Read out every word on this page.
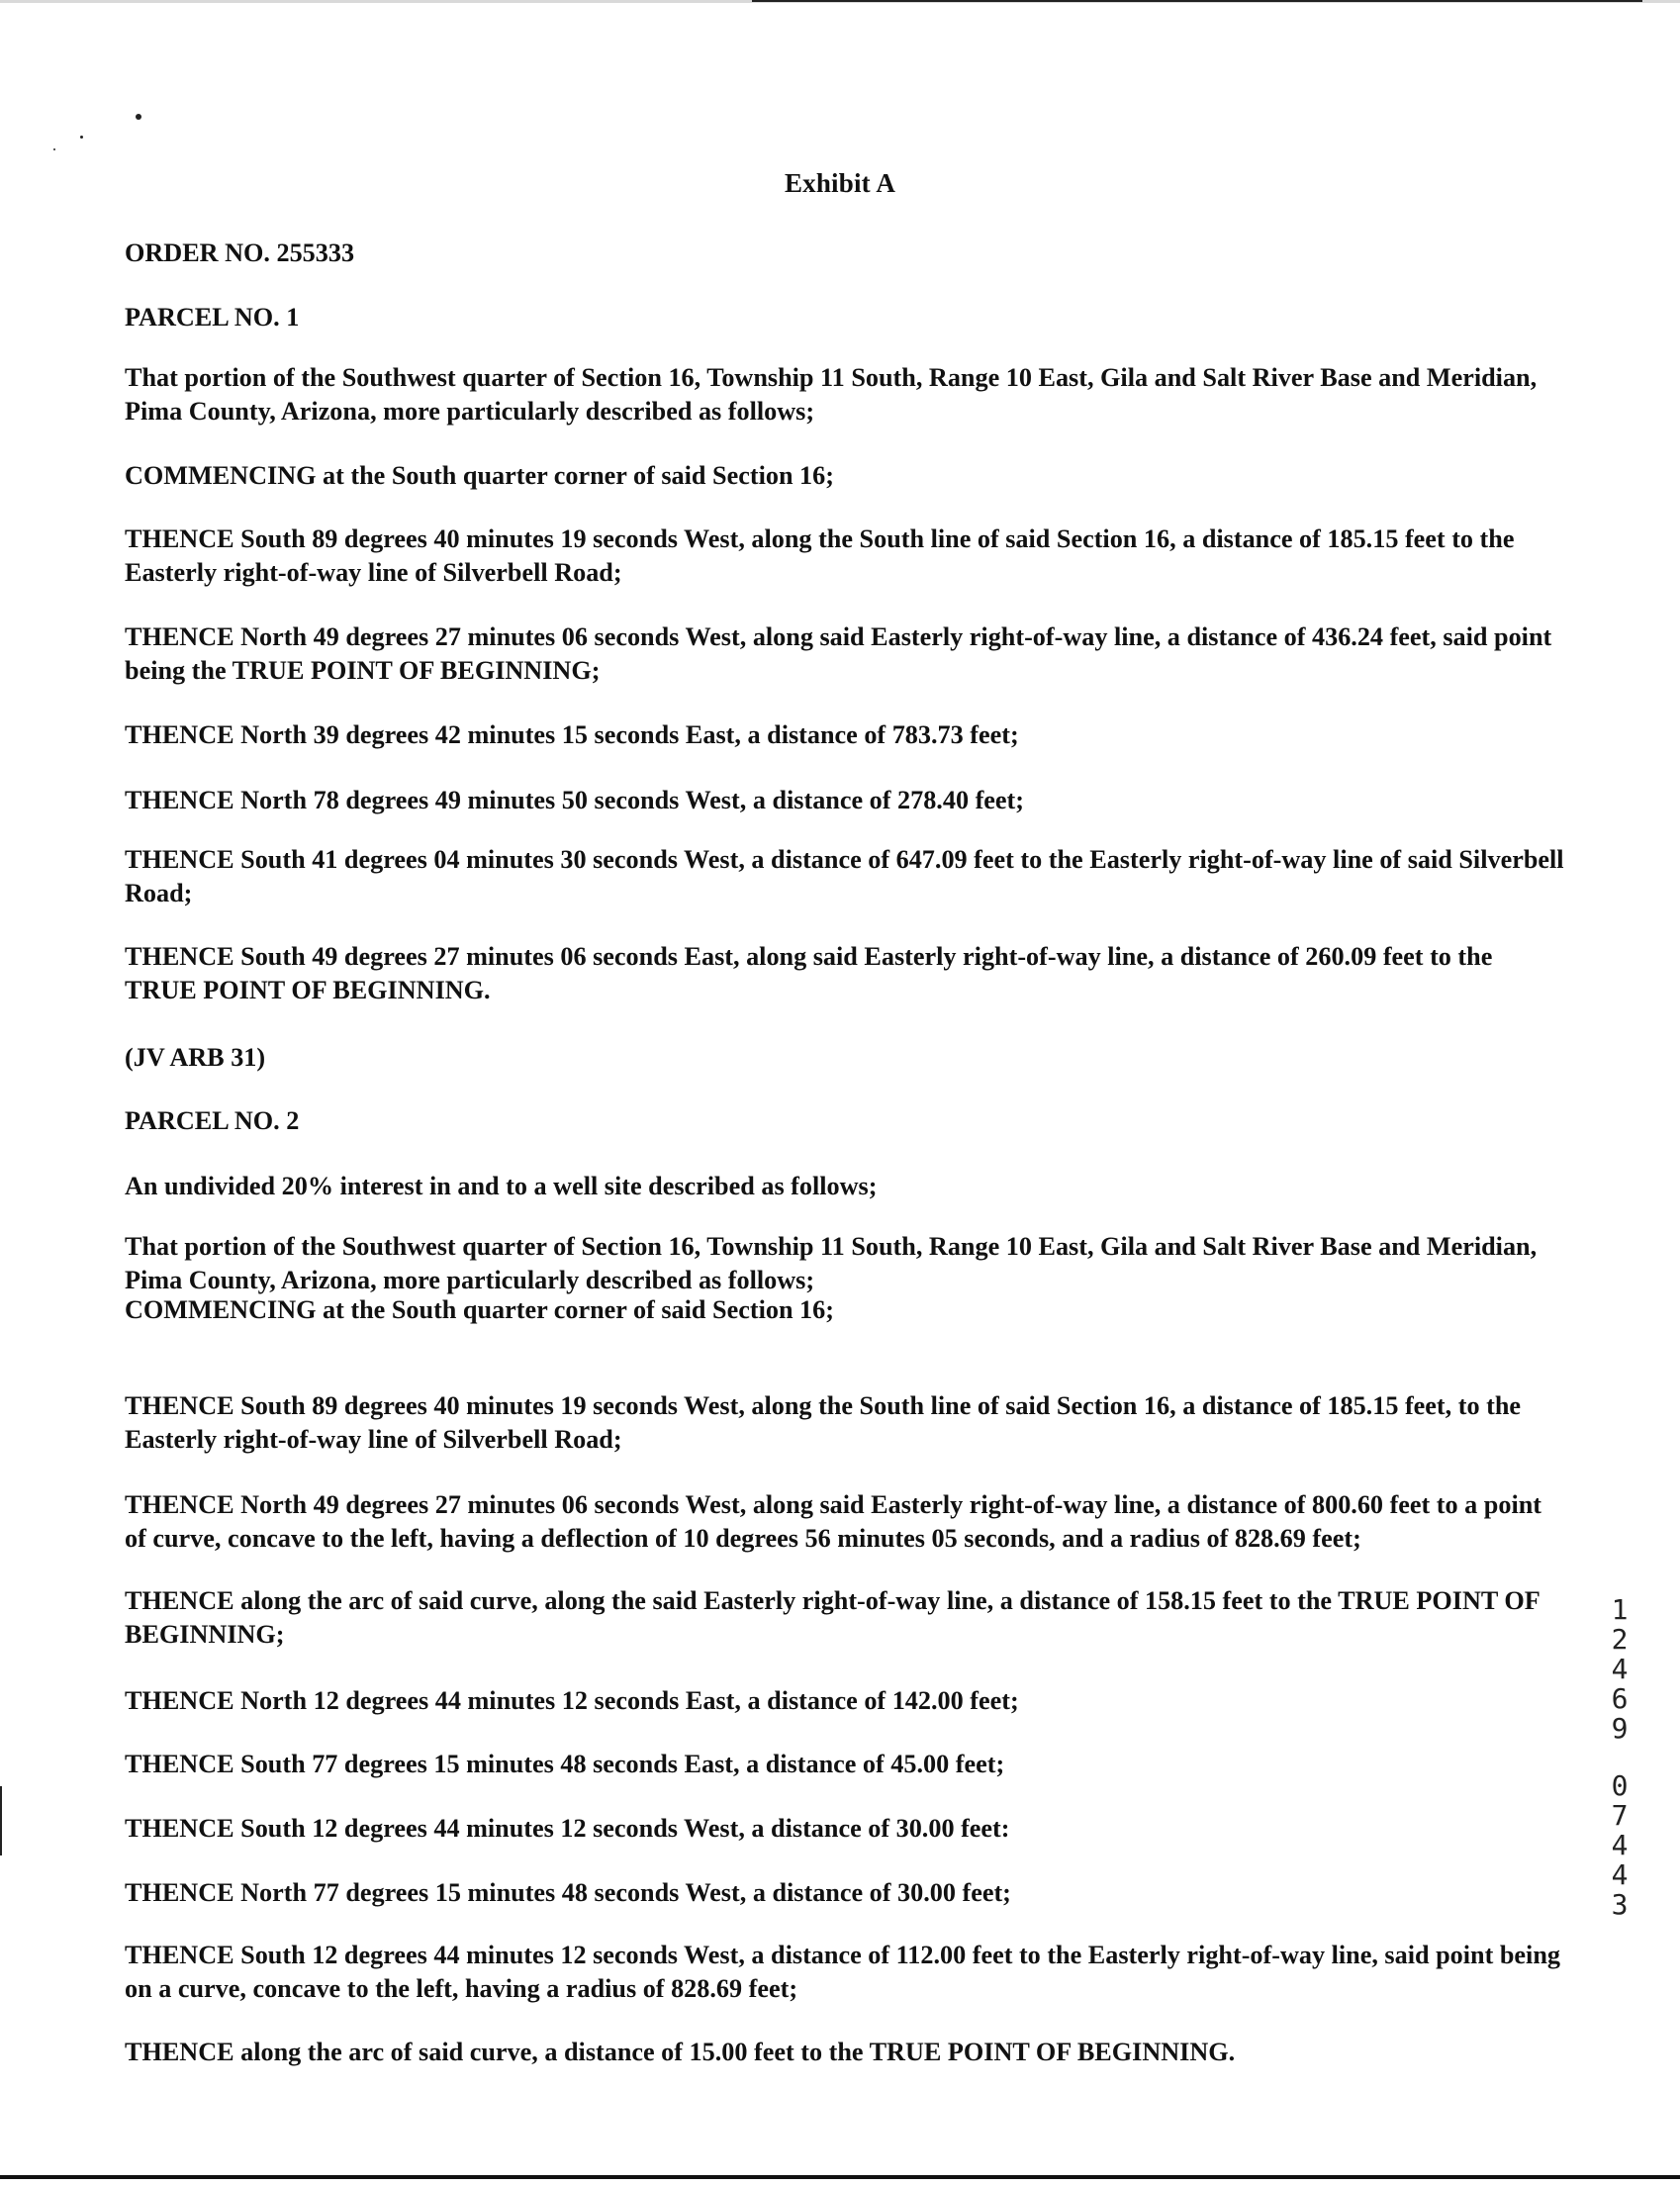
Exhibit A

ORDER NO. 255333

PARCEL NO. 1

That portion of the Southwest quarter of Section 16, Township 11 South, Range 10 East, Gila and Salt River Base and Meridian, Pima County, Arizona, more particularly described as follows;

COMMENCING at the South quarter corner of said Section 16;

THENCE South 89 degrees 40 minutes 19 seconds West, along the South line of said Section 16, a distance of 185.15 feet to the Easterly right-of-way line of Silverbell Road;

THENCE North 49 degrees 27 minutes 06 seconds West, along said Easterly right-of-way line, a distance of 436.24 feet, said point being the TRUE POINT OF BEGINNING;

THENCE North 39 degrees 42 minutes 15 seconds East, a distance of 783.73 feet;

THENCE North 78 degrees 49 minutes 50 seconds West, a distance of 278.40 feet;

THENCE South 41 degrees 04 minutes 30 seconds West, a distance of 647.09 feet to the Easterly right-of-way line of said Silverbell Road;

THENCE South 49 degrees 27 minutes 06 seconds East, along said Easterly right-of-way line, a distance of 260.09 feet to the TRUE POINT OF BEGINNING.

(JV ARB 31)

PARCEL NO. 2

An undivided 20% interest in and to a well site described as follows;

That portion of the Southwest quarter of Section 16, Township 11 South, Range 10 East, Gila and Salt River Base and Meridian, Pima County, Arizona, more particularly described as follows;

COMMENCING at the South quarter corner of said Section 16;

THENCE South 89 degrees 40 minutes 19 seconds West, along the South line of said Section 16, a distance of 185.15 feet, to the Easterly right-of-way line of Silverbell Road;

THENCE North 49 degrees 27 minutes 06 seconds West, along said Easterly right-of-way line, a distance of 800.60 feet to a point of curve, concave to the left, having a deflection of 10 degrees 56 minutes 05 seconds, and a radius of 828.69 feet;

THENCE along the arc of said curve, along the said Easterly right-of-way line, a distance of 158.15 feet to the TRUE POINT OF BEGINNING;

THENCE North 12 degrees 44 minutes 12 seconds East, a distance of 142.00 feet;

THENCE South 77 degrees 15 minutes 48 seconds East, a distance of 45.00 feet;

THENCE South 12 degrees 44 minutes 12 seconds West, a distance of 30.00 feet:

THENCE North 77 degrees 15 minutes 48 seconds West, a distance of 30.00 feet;

THENCE South 12 degrees 44 minutes 12 seconds West, a distance of 112.00 feet to the Easterly right-of-way line, said point being on a curve, concave to the left, having a radius of 828.69 feet;

THENCE along the arc of said curve, a distance of 15.00 feet to the TRUE POINT OF BEGINNING.

1
2
4
6
9
0
7
4
4
3
